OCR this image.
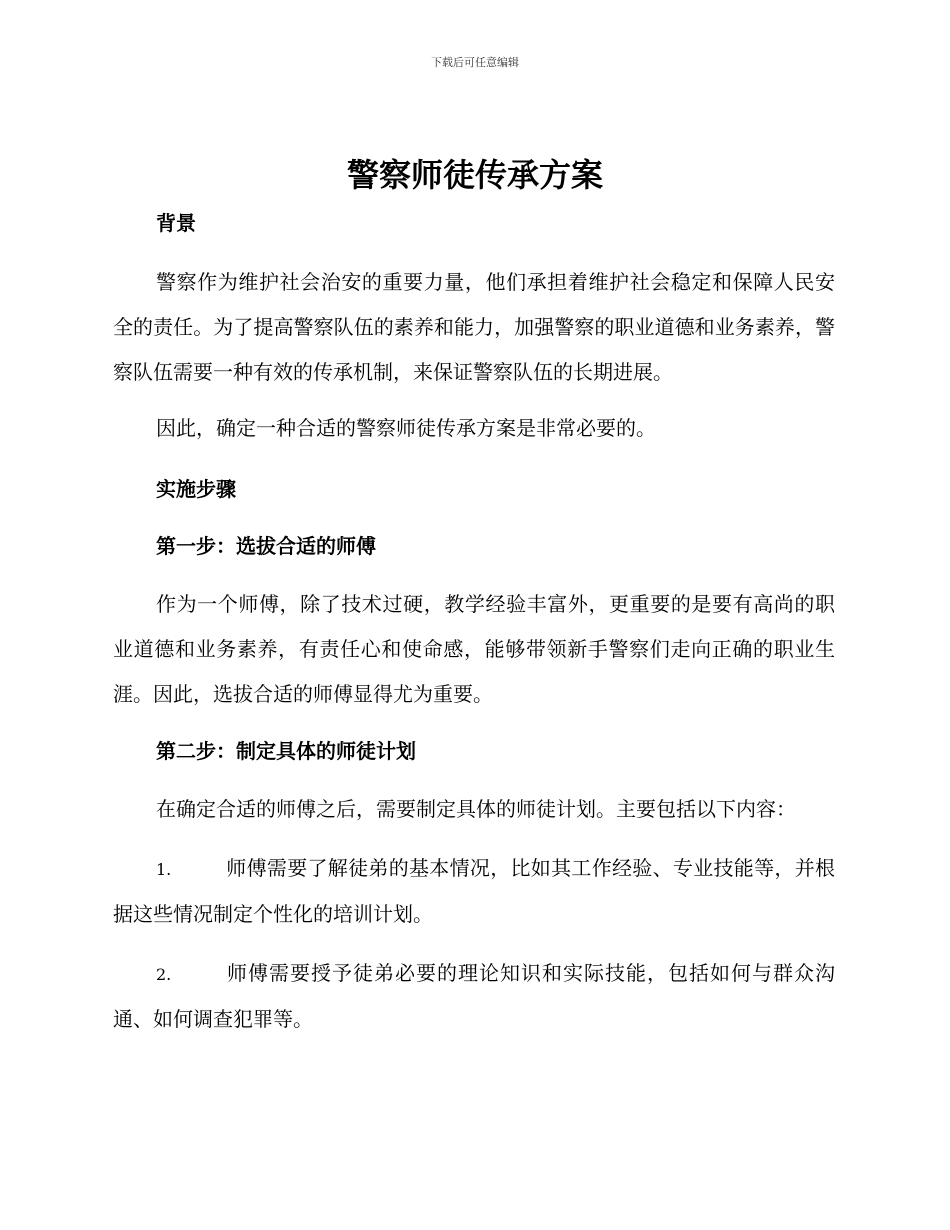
下载后可任意编辑
警察师徒传承方案

背景

警察作为维护社会治安的重要力量，他们承担着维护社会稳定和保障人民安全的责任。为了提高警察队伍的素养和能力，加强警察的职业道德和业务素养，警察队伍需要一种有效的传承机制，来保证警察队伍的长期进展。

因此，确定一种合适的警察师徒传承方案是非常必要的。

实施步骤

第一步：选拔合适的师傅

作为一个师傅，除了技术过硬，教学经验丰富外，更重要的是要有高尚的职业道德和业务素养，有责任心和使命感，能够带领新手警察们走向正确的职业生涯。因此，选拔合适的师傅显得尤为重要。

第二步：制定具体的师徒计划

在确定合适的师傅之后，需要制定具体的师徒计划。主要包括以下内容：

1.	师傅需要了解徒弟的基本情况，比如其工作经验、专业技能等，并根据这些情况制定个性化的培训计划。

2.	师傅需要授予徒弟必要的理论知识和实际技能，包括如何与群众沟通、如何调查犯罪等。
